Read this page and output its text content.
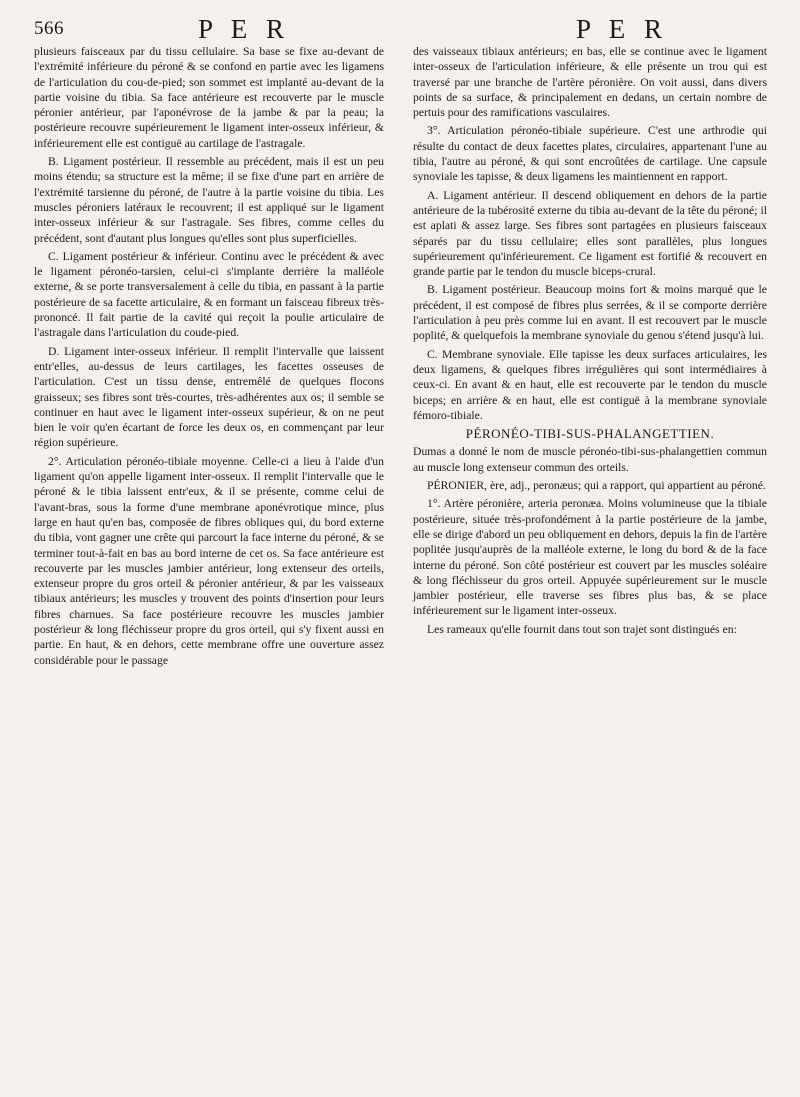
566	P E R	P E R

plusieurs faisceaux par du tissu cellulaire. Sa base se fixe au-devant de l'extrémité inférieure du péroné & se confond en partie avec les ligamens de l'articulation du cou-de-pied; son sommet est implanté au-devant de la partie voisine du tibia. Sa face antérieure est recouverte par le muscle péronier antérieur, par l'aponévrose de la jambe & par la peau; la postérieure recouvre supérieurement le ligament inter-osseux inférieur, & inférieurement elle est contiguë au cartilage de l'astragale.

B. Ligament postérieur. Il ressemble au précédent, mais il est un peu moins étendu; sa structure est la même; il se fixe d'une part en arrière de l'extrémité tarsienne du péroné, de l'autre à la partie voisine du tibia. Les muscles péroniers latéraux le recouvrent; il est appliqué sur le ligament inter-osseux inférieur & sur l'astragale. Ses fibres, comme celles du précédent, sont d'autant plus longues qu'elles sont plus superficielles.

C. Ligament postérieur & inférieur. Continu avec le précédent & avec le ligament péronéo-tarsien, celui-ci s'implante derrière la malléole externe, & se porte transversalement à celle du tibia, en passant à la partie postérieure de sa facette articulaire, & en formant un faisceau fibreux très-prononcé. Il fait partie de la cavité qui reçoit la poulie articulaire de l'astragale dans l'articulation du coude-pied.

D. Ligament inter-osseux inférieur. Il remplit l'intervalle que laissent entr'elles, au-dessus de leurs cartilages, les facettes osseuses de l'articulation. C'est un tissu dense, entremêlé de quelques flocons graisseux; ses fibres sont très-courtes, très-adhérentes aux os; il semble se continuer en haut avec le ligament inter-osseux supérieur, & on ne peut bien le voir qu'en écartant de force les deux os, en commençant par leur région supérieure.

2°. Articulation péronéo-tibiale moyenne. Celle-ci a lieu à l'aide d'un ligament qu'on appelle ligament inter-osseux. Il remplit l'intervalle que le péroné & le tibia laissent entr'eux, & il se présente, comme celui de l'avant-bras, sous la forme d'une membrane aponévrotique mince, plus large en haut qu'en bas, composée de fibres obliques qui, du bord externe du tibia, vont gagner une crête qui parcourt la face interne du péroné, & se terminer tout-à-fait en bas au bord interne de cet os. Sa face antérieure est recouverte par les muscles jambier antérieur, long extenseur des orteils, extenseur propre du gros orteil & péronier antérieur, & par les vaisseaux tibiaux antérieurs; les muscles y trouvent des points d'insertion pour leurs fibres charnues. Sa face postérieure recouvre les muscles jambier postérieur & long fléchisseur propre du gros orteil, qui s'y fixent aussi en partie. En haut, & en dehors, cette membrane offre une ouverture assez considérable pour le passage

des vaisseaux tibiaux antérieurs; en bas, elle se continue avec le ligament inter-osseux de l'articulation inférieure, & elle présente un trou qui est traversé par une branche de l'artère péronière. On voit aussi, dans divers points de sa surface, & principalement en dedans, un certain nombre de pertuis pour des ramifications vasculaires.

3°. Articulation péronéo-tibiale supérieure. C'est une arthrodie qui résulte du contact de deux facettes plates, circulaires, appartenant l'une au tibia, l'autre au péroné, & qui sont encroûtées de cartilage. Une capsule synoviale les tapisse, & deux ligamens les maintiennent en rapport.

A. Ligament antérieur. Il descend obliquement en dehors de la partie antérieure de la tubérosité externe du tibia au-devant de la tête du péroné; il est aplati & assez large. Ses fibres sont partagées en plusieurs faisceaux séparés par du tissu cellulaire; elles sont parallèles, plus longues supérieurement qu'inférieurement. Ce ligament est fortifié & recouvert en grande partie par le tendon du muscle biceps-crural.

B. Ligament postérieur. Beaucoup moins fort & moins marqué que le précédent, il est composé de fibres plus serrées, & il se comporte derrière l'articulation à peu près comme lui en avant. Il est recouvert par le muscle poplité, & quelquefois la membrane synoviale du genou s'étend jusqu'à lui.

C. Membrane synoviale. Elle tapisse les deux surfaces articulaires, les deux ligamens, & quelques fibres irrégulières qui sont intermédiaires à ceux-ci. En avant & en haut, elle est recouverte par le tendon du muscle biceps; en arrière & en haut, elle est contiguë à la membrane synoviale fémoro-tibiale.

PÉRONÉO-TIBI-SUS-PHALANGETTIEN.

Dumas a donné le nom de muscle péronéo-tibi-sus-phalangettien commun au muscle long extenseur commun des orteils.

PÉRONIER, ère, adj., peronæus; qui a rapport, qui appartient au péroné.

1°. Artère péronière, arteria peronæa. Moins volumineuse que la tibiale postérieure, située très-profondément à la partie postérieure de la jambe, elle se dirige d'abord un peu obliquement en dehors, depuis la fin de l'artère poplitée jusqu'auprès de la malléole externe, le long du bord & de la face interne du péroné. Son côté postérieur est couvert par les muscles soléaire & long fléchisseur du gros orteil. Appuyée supérieurement sur le muscle jambier postérieur, elle traverse ses fibres plus bas, & se place inférieurement sur le ligament inter-osseux.

Les rameaux qu'elle fournit dans tout son trajet sont distingués en:
